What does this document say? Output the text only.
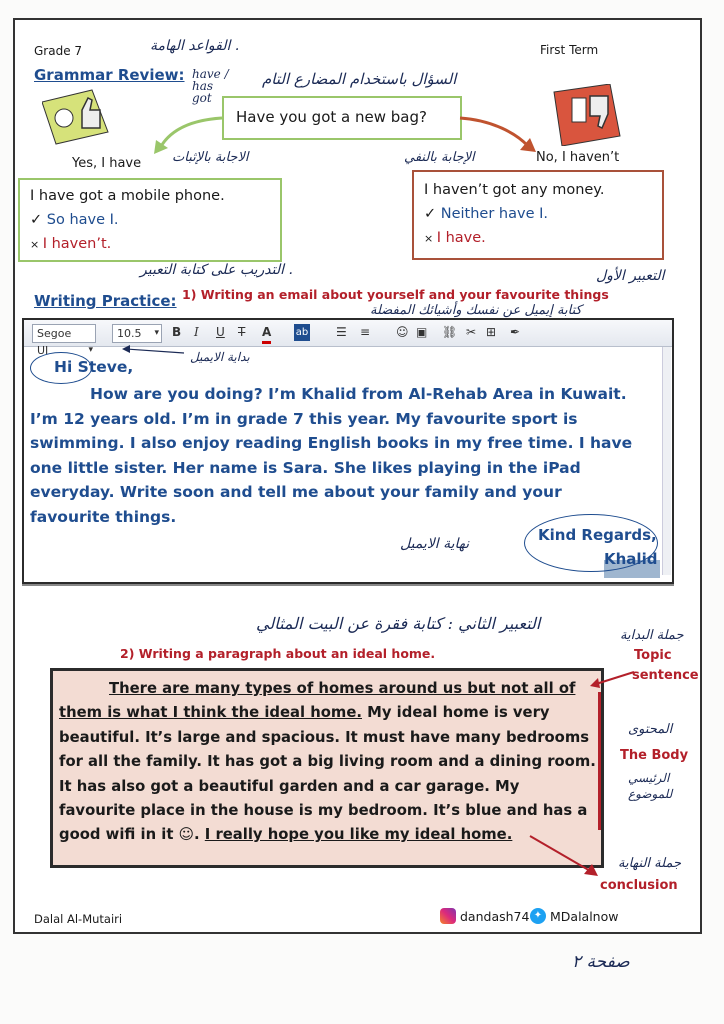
Grade 7	First Term
القواعد الهامة .
Grammar Review: have / has got
السؤال باستخدام المضارع التام
Have you got a new bag?
Yes, I have الاجابة بالإثبات	الإجابة بالنفي	No, I haven’t
I have got a mobile phone.
✓ So have I.
× I haven’t.
I haven’t got any money.
✓ Neither have I.
× I have.
التدريب على كتابة التعبير .	التعبير الأول
Writing Practice: 1) Writing an email about yourself and your favourite things
كتابة إيميل عن نفسك وأشيائك المفضلة
Segoe UI ▾
10.5 ▾	B I U T A ab ☰ ≡ ☺ ▣ ⛓ ✂ ⊞ ✒
Hi Steve,
بداية الايميل
How are you doing? I’m Khalid from Al-Rehab Area in Kuwait. I’m 12 years old. I’m in grade 7 this year. My favourite sport is swimming. I also enjoy reading English books in my free time. I have one little sister. Her name is Sara. She likes playing in the iPad everyday. Write soon and tell me about your family and your favourite things.
Kind Regards,
Khalid
نهاية الايميل
التعبير الثاني : كتابة فقرة عن البيت المثالي
2) Writing a paragraph about an ideal home.
There are many types of homes around us but not all of them is what I think the ideal home. My ideal home is very beautiful. It’s large and spacious. It must have many bedrooms for all the family. It has got a big living room and a dining room. It has also got a beautiful garden and a car garage. My favourite place in the house is my bedroom. It’s blue and has a good wifi in it ☺. I really hope you like my ideal home.
جملة البداية
Topic
sentence
المحتوى
The Body
الرئيسي للموضوع
جملة النهاية
conclusion
Dalal Al-Mutairi	dandash74 ✦ MDalalnow
صفحة ٢
